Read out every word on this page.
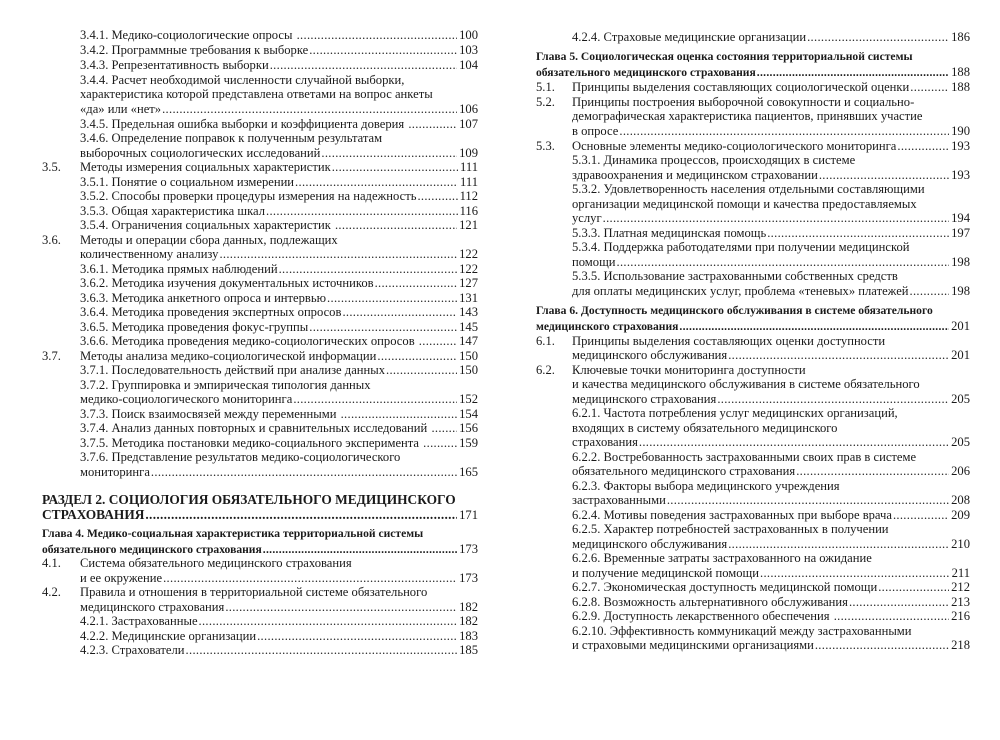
3.4.1. Медико-социологические опросы .....	100
3.4.2. Программные требования к выборке .....	103
3.4.3. Репрезентативность выборки .....	104
3.4.4. Расчет необходимой численности случайной выборки,
характеристика которой представлена ответами на вопрос анкеты
«да» или «нет» .....	106
3.4.5. Предельная ошибка выборки и коэффициента доверия .....	107
3.4.6. Определение поправок к полученным результатам
выборочных социологических исследований .....	109
3.5. Методы измерения социальных характеристик .....	111
3.5.1. Понятие о социальном измерении .....	111
3.5.2. Способы проверки процедуры измерения на надежность .....	112
3.5.3. Общая характеристика шкал .....	116
3.5.4. Ограничения социальных характеристик .....	121
3.6. Методы и операции сбора данных, подлежащих
количественному анализу .....	122
3.6.1. Методика прямых наблюдений .....	122
3.6.2. Методика изучения документальных источников .....	127
3.6.3. Методика анкетного опроса и интервью .....	131
3.6.4. Методика проведения экспертных опросов .....	143
3.6.5. Методика проведения фокус-группы .....	145
3.6.6. Методика проведения медико-социологических опросов .....	147
3.7. Методы анализа медико-социологической информации .....	150
3.7.1. Последовательность действий при анализе данных .....	150
3.7.2. Группировка и эмпирическая типология данных
медико-социологического мониторинга .....	152
3.7.3. Поиск взаимосвязей между переменными .....	154
3.7.4. Анализ данных повторных и сравнительных исследований ..... 156
3.7.5. Методика постановки медико-социального эксперимента .....	159
3.7.6. Представление результатов медико-социологического
мониторинга .....	165
РАЗДЕЛ 2. СОЦИОЛОГИЯ ОБЯЗАТЕЛЬНОГО МЕДИЦИНСКОГО
СТРАХОВАНИЯ .....	171
Глава 4. Медико-социальная характеристика территориальной системы
обязательного медицинского страхования .....	173
4.1. Система обязательного медицинского страхования
и ее окружение .....	173
4.2. Правила и отношения в территориальной системе обязательного
медицинского страхования .....	182
4.2.1. Застрахованные .....	182
4.2.2. Медицинские организации .....	183
4.2.3. Страхователи .....	185
4.2.4. Страховые медицинские организации .....	186
Глава 5. Социологическая оценка состояния территориальной системы
обязательного медицинского страхования .....	188
5.1. Принципы выделения составляющих социологической оценки .....	188
5.2. Принципы построения выборочной совокупности и социально-
демографическая характеристика пациентов, принявших участие
в опросе .....	190
5.3. Основные элементы медико-социологического мониторинга .....	193
5.3.1. Динамика процессов, происходящих в системе
здравоохранения и медицинском страховании .....	193
5.3.2. Удовлетворенность населения отдельными составляющими
организации медицинской помощи и качества предоставляемых
услуг .....	194
5.3.3. Платная медицинская помощь .....	197
5.3.4. Поддержка работодателями при получении медицинской
помощи .....	198
5.3.5. Использование застрахованными собственных средств
для оплаты медицинских услуг, проблема «теневых» платежей .....	198
Глава 6. Доступность медицинского обслуживания в системе обязательного
медицинского страхования .....	201
6.1. Принципы выделения составляющих оценки доступности
медицинского обслуживания .....	201
6.2. Ключевые точки мониторинга доступности
и качества медицинского обслуживания в системе обязательного
медицинского страхования .....	205
6.2.1. Частота потребления услуг медицинских организаций,
входящих в систему обязательного медицинского
страхования .....	205
6.2.2. Востребованность застрахованными своих прав в системе
обязательного медицинского страхования .....	206
6.2.3. Факторы выбора медицинского учреждения
застрахованными .....	208
6.2.4. Мотивы поведения застрахованных при выборе врача .....	209
6.2.5. Характер потребностей застрахованных в получении
медицинского обслуживания .....	210
6.2.6. Временные затраты застрахованного на ожидание
и получение медицинской помощи .....	211
6.2.7. Экономическая доступность медицинской помощи .....	212
6.2.8. Возможность альтернативного обслуживания .....	213
6.2.9. Доступность лекарственного обеспечения .....	216
6.2.10. Эффективность коммуникаций между застрахованными
и страховыми медицинскими организациями .....	218
